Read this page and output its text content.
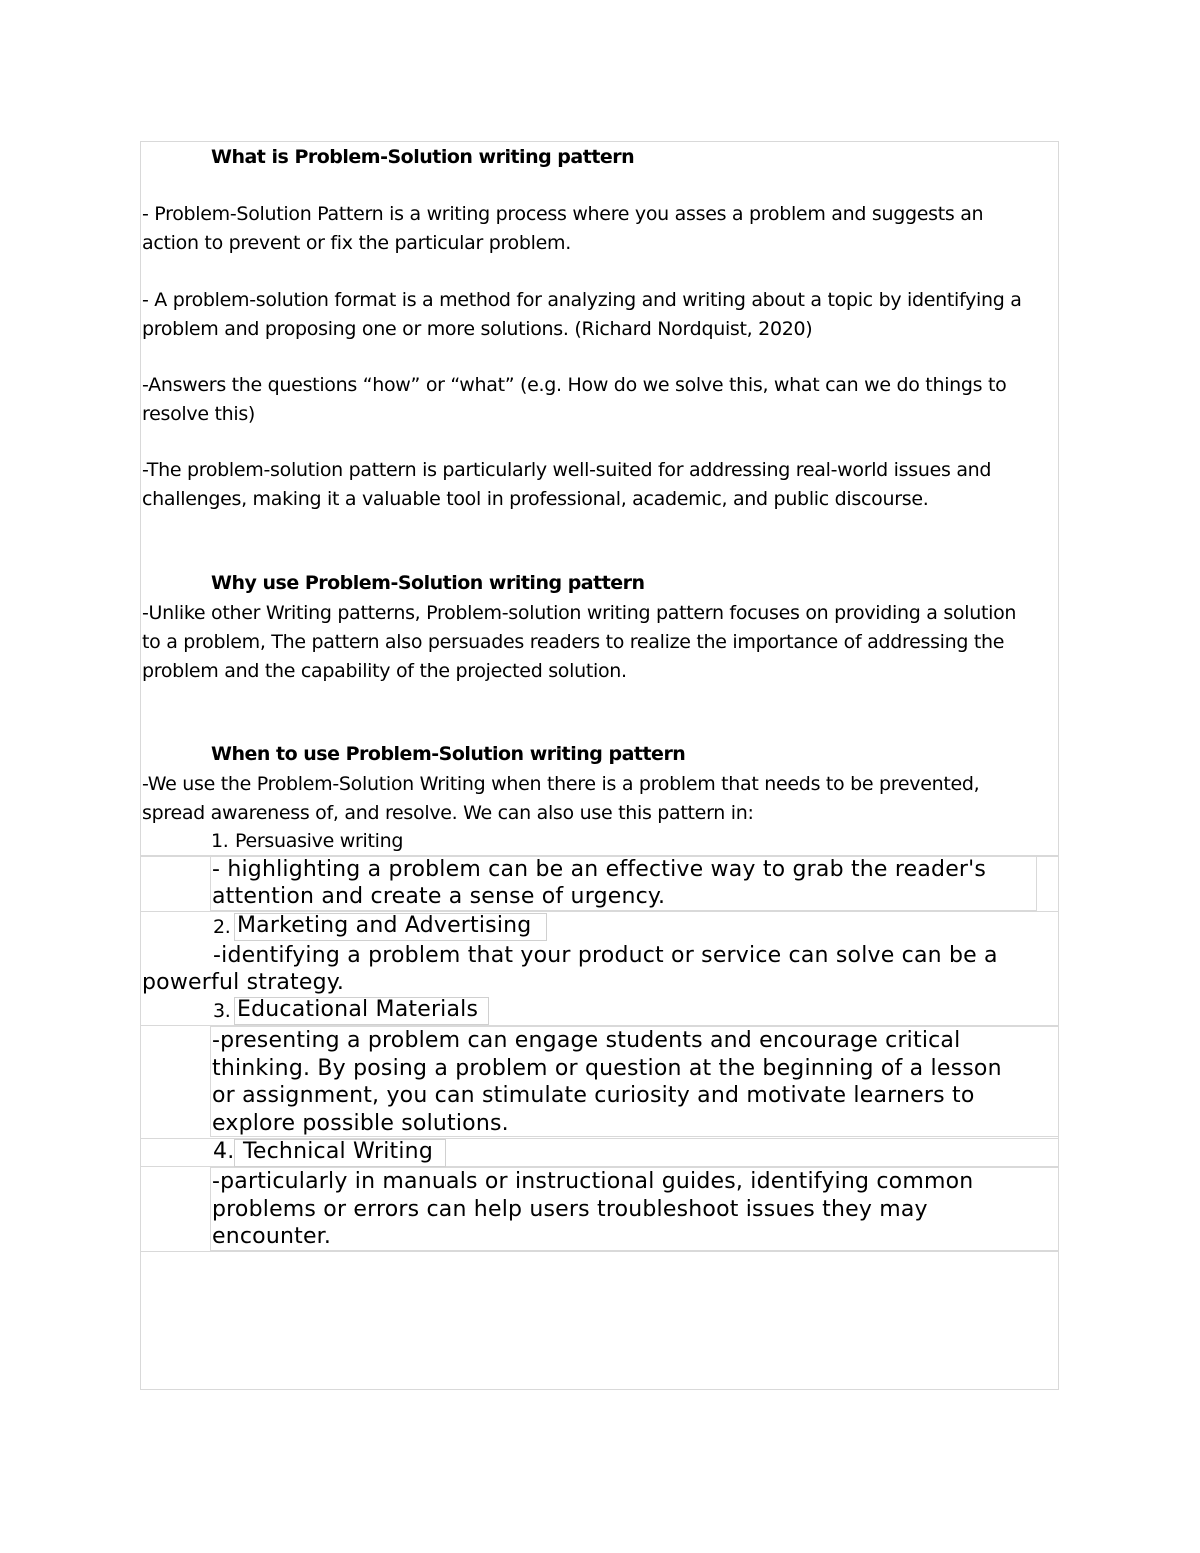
What is Problem-Solution writing pattern
- Problem-Solution Pattern is a writing process where you asses a problem and suggests an
action to prevent or fix the particular problem.
- A problem-solution format is a method for analyzing and writing about a topic by identifying a
problem and proposing one or more solutions. (Richard Nordquist, 2020)
-Answers the questions “how” or “what” (e.g. How do we solve this, what can we do things to
resolve this)
-The problem-solution pattern is particularly well-suited for addressing real-world issues and
challenges, making it a valuable tool in professional, academic, and public discourse.
Why use Problem-Solution writing pattern
-Unlike other Writing patterns, Problem-solution writing pattern focuses on providing a solution
to a problem, The pattern also persuades readers to realize the importance of addressing the
problem and the capability of the projected solution.
When to use Problem-Solution writing pattern
-We use the Problem-Solution Writing when there is a problem that needs to be prevented,
spread awareness of, and resolve. We can also use this pattern in:
1. Persuasive writing
- highlighting a problem can be an effective way to grab the reader's
attention and create a sense of urgency.
2. Marketing and Advertising
-identifying a problem that your product or service can solve can be a
powerful strategy.
3. Educational Materials
-presenting a problem can engage students and encourage critical
thinking. By posing a problem or question at the beginning of a lesson
or assignment, you can stimulate curiosity and motivate learners to
explore possible solutions.
4. Technical Writing
-particularly in manuals or instructional guides, identifying common
problems or errors can help users troubleshoot issues they may
encounter.
